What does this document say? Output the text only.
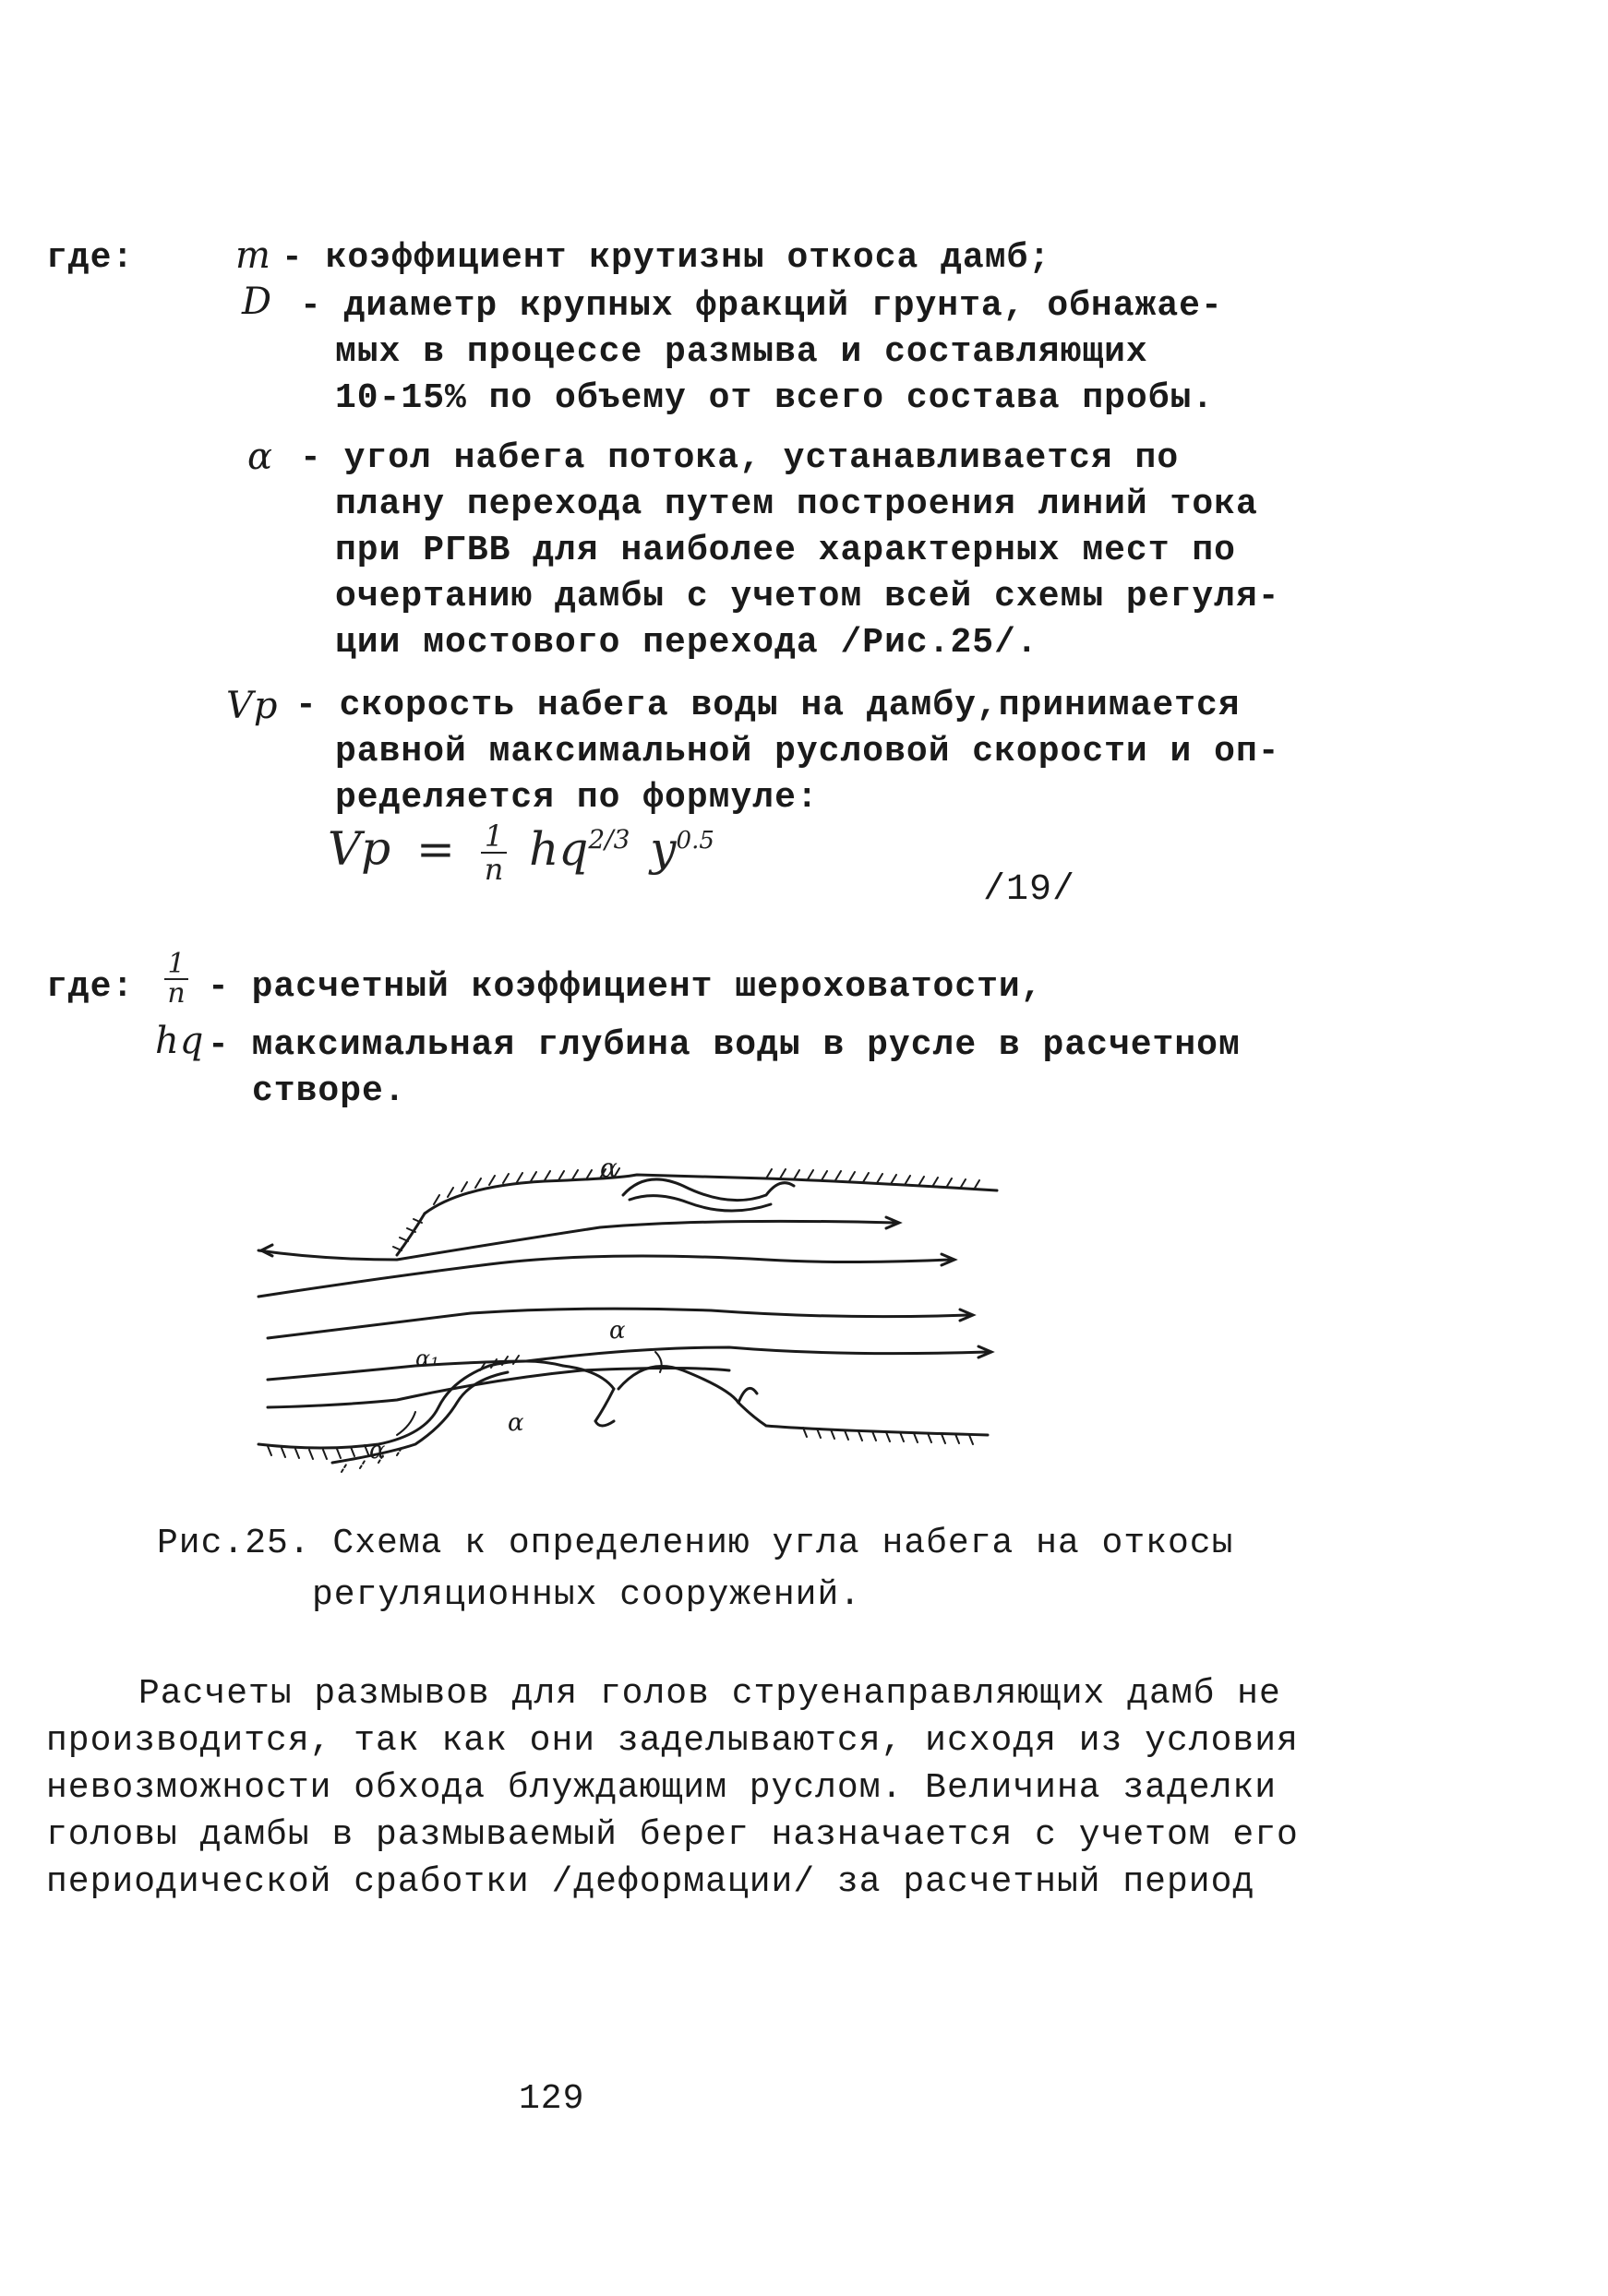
где:	m - коэффициент крутизны откоса дамб;
D - диаметр крупных фракций грунта, обнажае-
мых в процессе размыва и составляющих
10-15% по объему от всего состава пробы.
α - угол набега потока, устанавливается по
плану перехода путем построения линий тока
при РГВВ для наиболее характерных мест по
очертанию дамбы с учетом всей схемы регуля-
ции мостового перехода /Рис.25/.
Vр - скорость набега воды на дамбу,принимается
равной максимальной русловой скорости и оп-
ределяется по формуле:
Vр = $\frac{1}{n} hq^{2/3}$ $y^{0.5}$
/19/
где: $\frac{1}{n}$ - расчетный коэффициент шероховатости,
hq - максимальная глубина воды в русле в расчетном
створе.
α
α₁
α
α
α
Рис.25. Схема к определению угла набега на откосы
регуляционных сооружений.

Расчеты размывов для голов струенаправляющих дамб не

производится, так как они заделываются, исходя из условия

невозможности обхода блуждающим руслом. Величина заделки

головы дамбы в размываемый берег назначается с учетом его

периодической сработки /деформации/ за расчетный период

129
